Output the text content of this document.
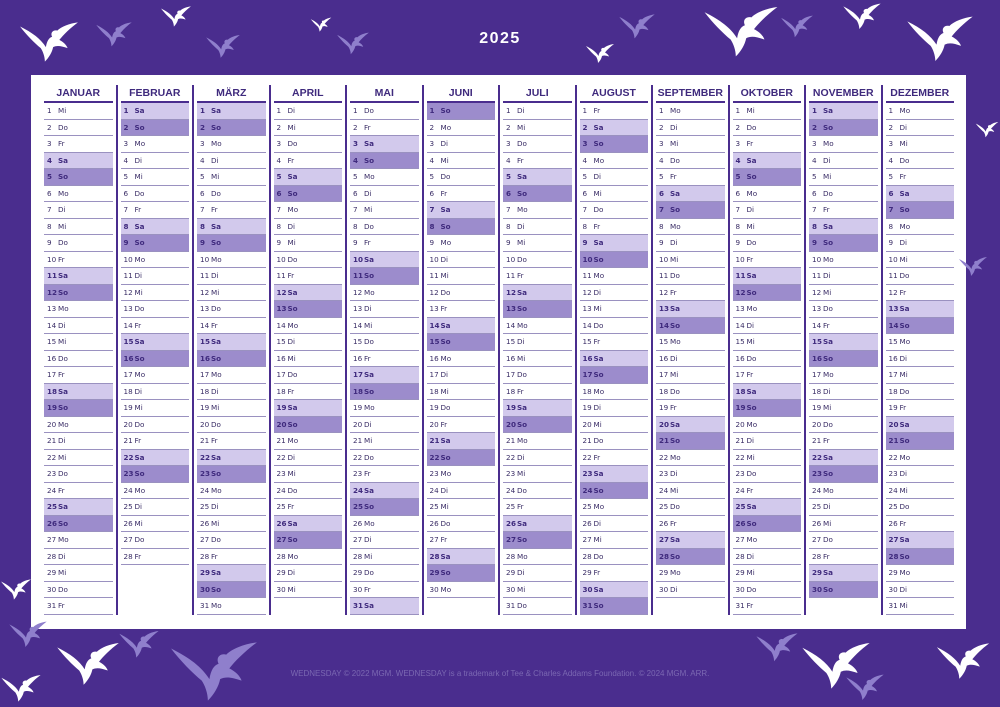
2025
JANUAR
1 Mi
2 Do
3 Fr
4 Sa
5 So
6 Mo
7 Di
8 Mi
9 Do
10 Fr
11 Sa
12 So
13 Mo
14 Di
15 Mi
16 Do
17 Fr
18 Sa
19 So
20 Mo
21 Di
22 Mi
23 Do
24 Fr
25 Sa
26 So
27 Mo
28 Di
29 Mi
30 Do
31 Fr
FEBRUAR
1 Sa
2 So
3 Mo
4 Di
5 Mi
6 Do
7 Fr
8 Sa
9 So
10 Mo
11 Di
12 Mi
13 Do
14 Fr
15 Sa
16 So
17 Mo
18 Di
19 Mi
20 Do
21 Fr
22 Sa
23 So
24 Mo
25 Di
26 Mi
27 Do
28 Fr
MÄRZ
1 Sa
2 So
3 Mo
4 Di
5 Mi
6 Do
7 Fr
8 Sa
9 So
10 Mo
11 Di
12 Mi
13 Do
14 Fr
15 Sa
16 So
17 Mo
18 Di
19 Mi
20 Do
21 Fr
22 Sa
23 So
24 Mo
25 Di
26 Mi
27 Do
28 Fr
29 Sa
30 So
31 Mo
APRIL
1 Di
2 Mi
3 Do
4 Fr
5 Sa
6 So
7 Mo
8 Di
9 Mi
10 Do
11 Fr
12 Sa
13 So
14 Mo
15 Di
16 Mi
17 Do
18 Fr
19 Sa
20 So
21 Mo
22 Di
23 Mi
24 Do
25 Fr
26 Sa
27 So
28 Mo
29 Di
30 Mi
MAI
1 Do
2 Fr
3 Sa
4 So
5 Mo
6 Di
7 Mi
8 Do
9 Fr
10 Sa
11 So
12 Mo
13 Di
14 Mi
15 Do
16 Fr
17 Sa
18 So
19 Mo
20 Di
21 Mi
22 Do
23 Fr
24 Sa
25 So
26 Mo
27 Di
28 Mi
29 Do
30 Fr
31 Sa
JUNI
1 So
2 Mo
3 Di
4 Mi
5 Do
6 Fr
7 Sa
8 So
9 Mo
10 Di
11 Mi
12 Do
13 Fr
14 Sa
15 So
16 Mo
17 Di
18 Mi
19 Do
20 Fr
21 Sa
22 So
23 Mo
24 Di
25 Mi
26 Do
27 Fr
28 Sa
29 So
30 Mo
JULI
1 Di
2 Mi
3 Do
4 Fr
5 Sa
6 So
7 Mo
8 Di
9 Mi
10 Do
11 Fr
12 Sa
13 So
14 Mo
15 Di
16 Mi
17 Do
18 Fr
19 Sa
20 So
21 Mo
22 Di
23 Mi
24 Do
25 Fr
26 Sa
27 So
28 Mo
29 Di
30 Mi
31 Do
AUGUST
1 Fr
2 Sa
3 So
4 Mo
5 Di
6 Mi
7 Do
8 Fr
9 Sa
10 So
11 Mo
12 Di
13 Mi
14 Do
15 Fr
16 Sa
17 So
18 Mo
19 Di
20 Mi
21 Do
22 Fr
23 Sa
24 So
25 Mo
26 Di
27 Mi
28 Do
29 Fr
30 Sa
31 So
SEPTEMBER
1 Mo
2 Di
3 Mi
4 Do
5 Fr
6 Sa
7 So
8 Mo
9 Di
10 Mi
11 Do
12 Fr
13 Sa
14 So
15 Mo
16 Di
17 Mi
18 Do
19 Fr
20 Sa
21 So
22 Mo
23 Di
24 Mi
25 Do
26 Fr
27 Sa
28 So
29 Mo
30 Di
OKTOBER
1 Mi
2 Do
3 Fr
4 Sa
5 So
6 Mo
7 Di
8 Mi
9 Do
10 Fr
11 Sa
12 So
13 Mo
14 Di
15 Mi
16 Do
17 Fr
18 Sa
19 So
20 Mo
21 Di
22 Mi
23 Do
24 Fr
25 Sa
26 So
27 Mo
28 Di
29 Mi
30 Do
31 Fr
NOVEMBER
1 Sa
2 So
3 Mo
4 Di
5 Mi
6 Do
7 Fr
8 Sa
9 So
10 Mo
11 Di
12 Mi
13 Do
14 Fr
15 Sa
16 So
17 Mo
18 Di
19 Mi
20 Do
21 Fr
22 Sa
23 So
24 Mo
25 Di
26 Mi
27 Do
28 Fr
29 Sa
30 So
DEZEMBER
1 Mo
2 Di
3 Mi
4 Do
5 Fr
6 Sa
7 So
8 Mo
9 Di
10 Mi
11 Do
12 Fr
13 Sa
14 So
15 Mo
16 Di
17 Mi
18 Do
19 Fr
20 Sa
21 So
22 Mo
23 Di
24 Mi
25 Do
26 Fr
27 Sa
28 So
29 Mo
30 Di
31 Mi
WEDNESDAY © 2022 MGM. WEDNESDAY is a trademark of Tee & Charles Addams Foundation. © 2024 MGM. ARR.
